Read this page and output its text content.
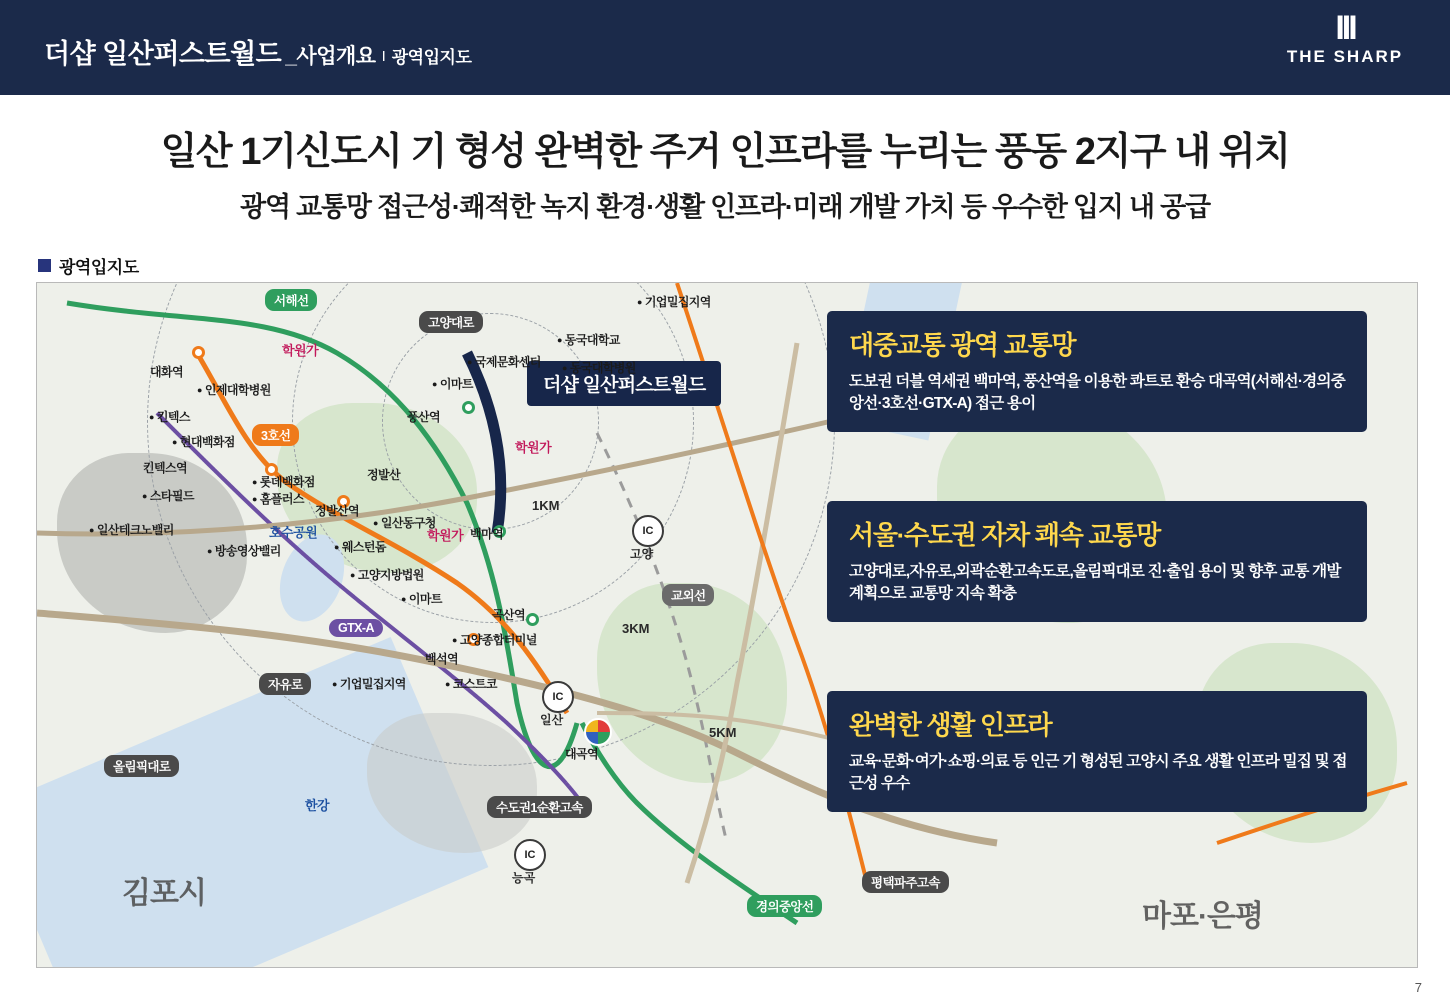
더샵 일산퍼스트월드 _사업개요 I 광역입지도
III
THE SHARP
일산 1기신도시 기 형성 완벽한 주거 인프라를 누리는 풍동 2지구 내 위치
광역 교통망 접근성·쾌적한 녹지 환경·생활 인프라·미래 개발 가치 등 우수한 입지 내 공급
광역입지도
더샵 일산퍼스트월드
서해선
3호선
GTX-A
교외선
경의중앙선
고양대로
자유로
올림픽대로
수도권1순환고속
평택파주고속
학원가
학원가
학원가
호수공원
한강
대화역
킨텍스역
정발산역
백석역
풍산역
백마역
곡산역
대곡역
정발산
● 기업밀집지역
● 동국대학교
● 국제문화센터	● 동국대학병원
● 이마트
● 인제대학병원
● 킨텍스
● 현대백화점
● 스타필드
● 일산테크노밸리
● 롯데백화점
● 홈플러스
● 방송영상밸리
● 일산동구청
● 웨스턴돔
● 고양지방법원
● 이마트
● 고양종합터미널
● 기업밀집지역	● 코스트코
1KM
3KM
5KM
IC
고양
IC
일산
IC
능곡
김포시
마포·은평
대중교통 광역 교통망

도보권 더블 역세권 백마역, 풍산역을 이용한 콰트로 환승 대곡역(서해선·경의중앙선·3호선·GTX-A) 접근 용이

서울·수도권 자차 쾌속 교통망

고양대로,자유로,외곽순환고속도로,올림픽대로 진·출입 용이 및 향후 교통 개발 계획으로 교통망 지속 확충

완벽한 생활 인프라

교육·문화·여가·쇼핑·의료 등 인근 기 형성된 고양시 주요 생활 인프라 밀집 및 접근성 우수

7
